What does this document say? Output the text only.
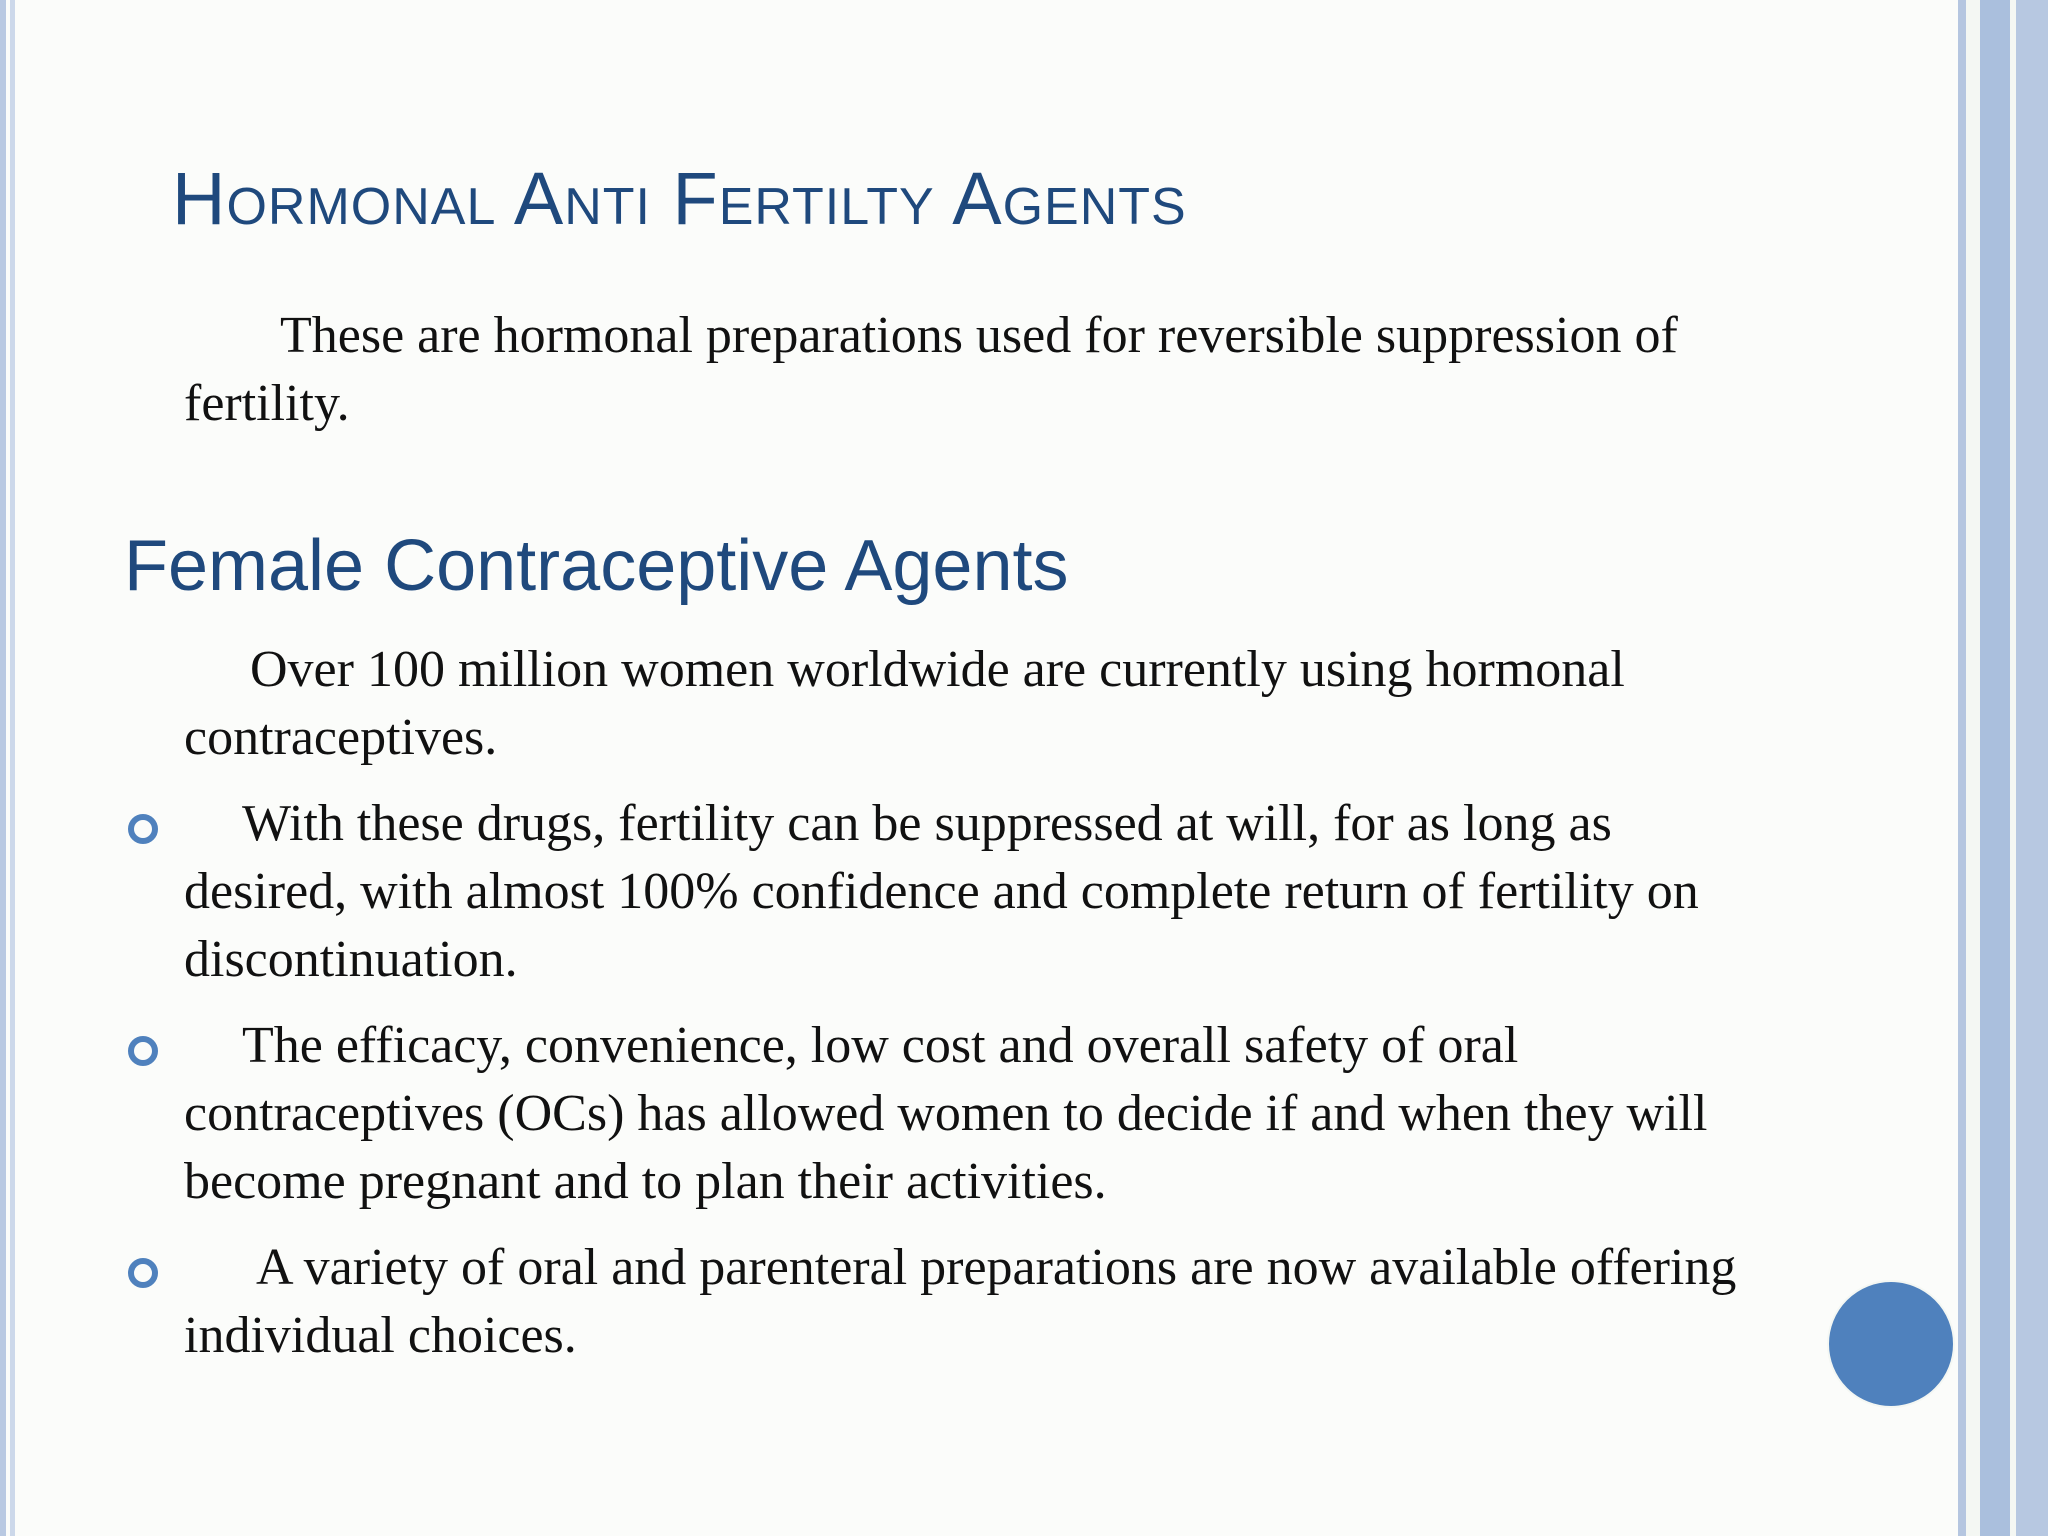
Hormonal Anti Fertilty Agents
These are hormonal preparations used for reversible suppression of fertility.
Female Contraceptive Agents
Over 100 million women worldwide are currently using hormonal contraceptives.
With these drugs, fertility can be suppressed at will, for as long as desired, with almost 100% confidence and complete return of fertility on discontinuation.
The efficacy, convenience, low cost and overall safety of oral contraceptives (OCs) has allowed women to decide if and when they will become pregnant and to plan their activities.
A variety of oral and parenteral preparations are now available offering individual choices.
